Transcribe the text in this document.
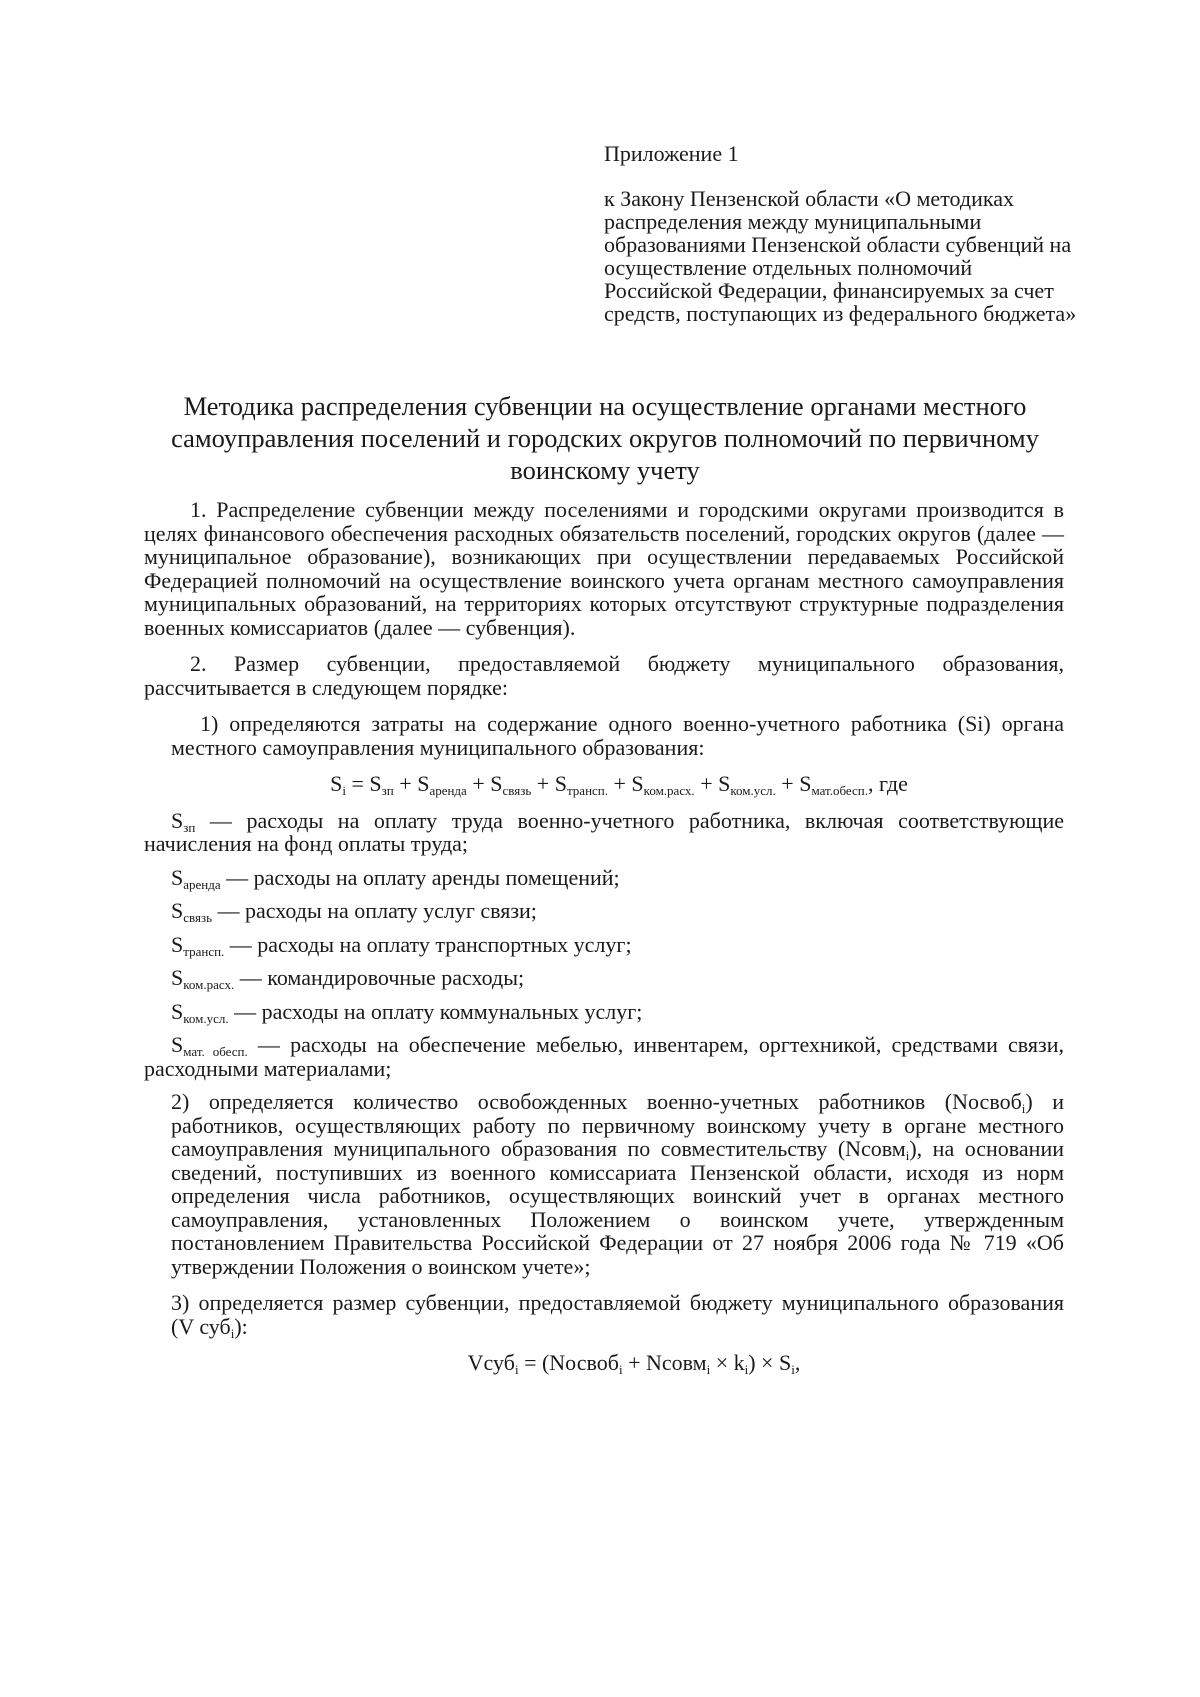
Приложение 1

к Закону Пензенской области «О методиках распределения между муниципальными образованиями Пензенской области субвенций на осуществление отдельных полномочий Российской Федерации, финансируемых за счет средств, поступающих из федерального бюджета»

Методика распределения субвенции на осуществление органами местного самоуправления поселений и городских округов полномочий по первичному воинскому учету

1. Распределение субвенции между поселениями и городскими округами производится в целях финансового обеспечения расходных обязательств поселений, городских округов (далее — муниципальное образование), возникающих при осуществлении передаваемых Российской Федерацией полномочий на осуществление воинского учета органам местного самоуправления муниципальных образований, на территориях которых отсутствуют структурные подразделения военных комиссариатов (далее — субвенция).

2. Размер субвенции, предоставляемой бюджету муниципального образования, рассчитывается в следующем порядке:

1) определяются затраты на содержание одного военно-учетного работника (Si) органа местного самоуправления муниципального образования:

$S_i = S_{зп} + S_{аренда} + S_{связь} + S_{трансп.} + S_{ком.расх.} + S_{ком.усл.} + S_{мат.обесп.}$, где

$S_{зп}$ — расходы на оплату труда военно-учетного работника, включая соответствующие начисления на фонд оплаты труда;

$S_{аренда}$ — расходы на оплату аренды помещений;

$S_{связь}$ — расходы на оплату услуг связи;

$S_{трансп.}$ — расходы на оплату транспортных услуг;

$S_{ком.расх.}$ — командировочные расходы;

$S_{ком.усл.}$ — расходы на оплату коммунальных услуг;

$S_{мат. обесп.}$ — расходы на обеспечение мебелью, инвентарем, оргтехникой, средствами связи, расходными материалами;

2) определяется количество освобожденных военно-учетных работников (Nосвоб$_i$) и работников, осуществляющих работу по первичному воинскому учету в органе местного самоуправления муниципального образования по совместительству (Nсовм$_i$), на основании сведений, поступивших из военного комиссариата Пензенской области, исходя из норм определения числа работников, осуществляющих воинский учет в органах местного самоуправления, установленных Положением о воинском учете, утвержденным постановлением Правительства Российской Федерации от 27 ноября 2006 года № 719 «Об утверждении Положения о воинском учете»;

3) определяется размер субвенции, предоставляемой бюджету муниципального образования (V суб$_i$):

Vсуб$_i$ = (Nосвоб$_i$ + Nсовм$_i$ × $k_i) \times S_i$,
